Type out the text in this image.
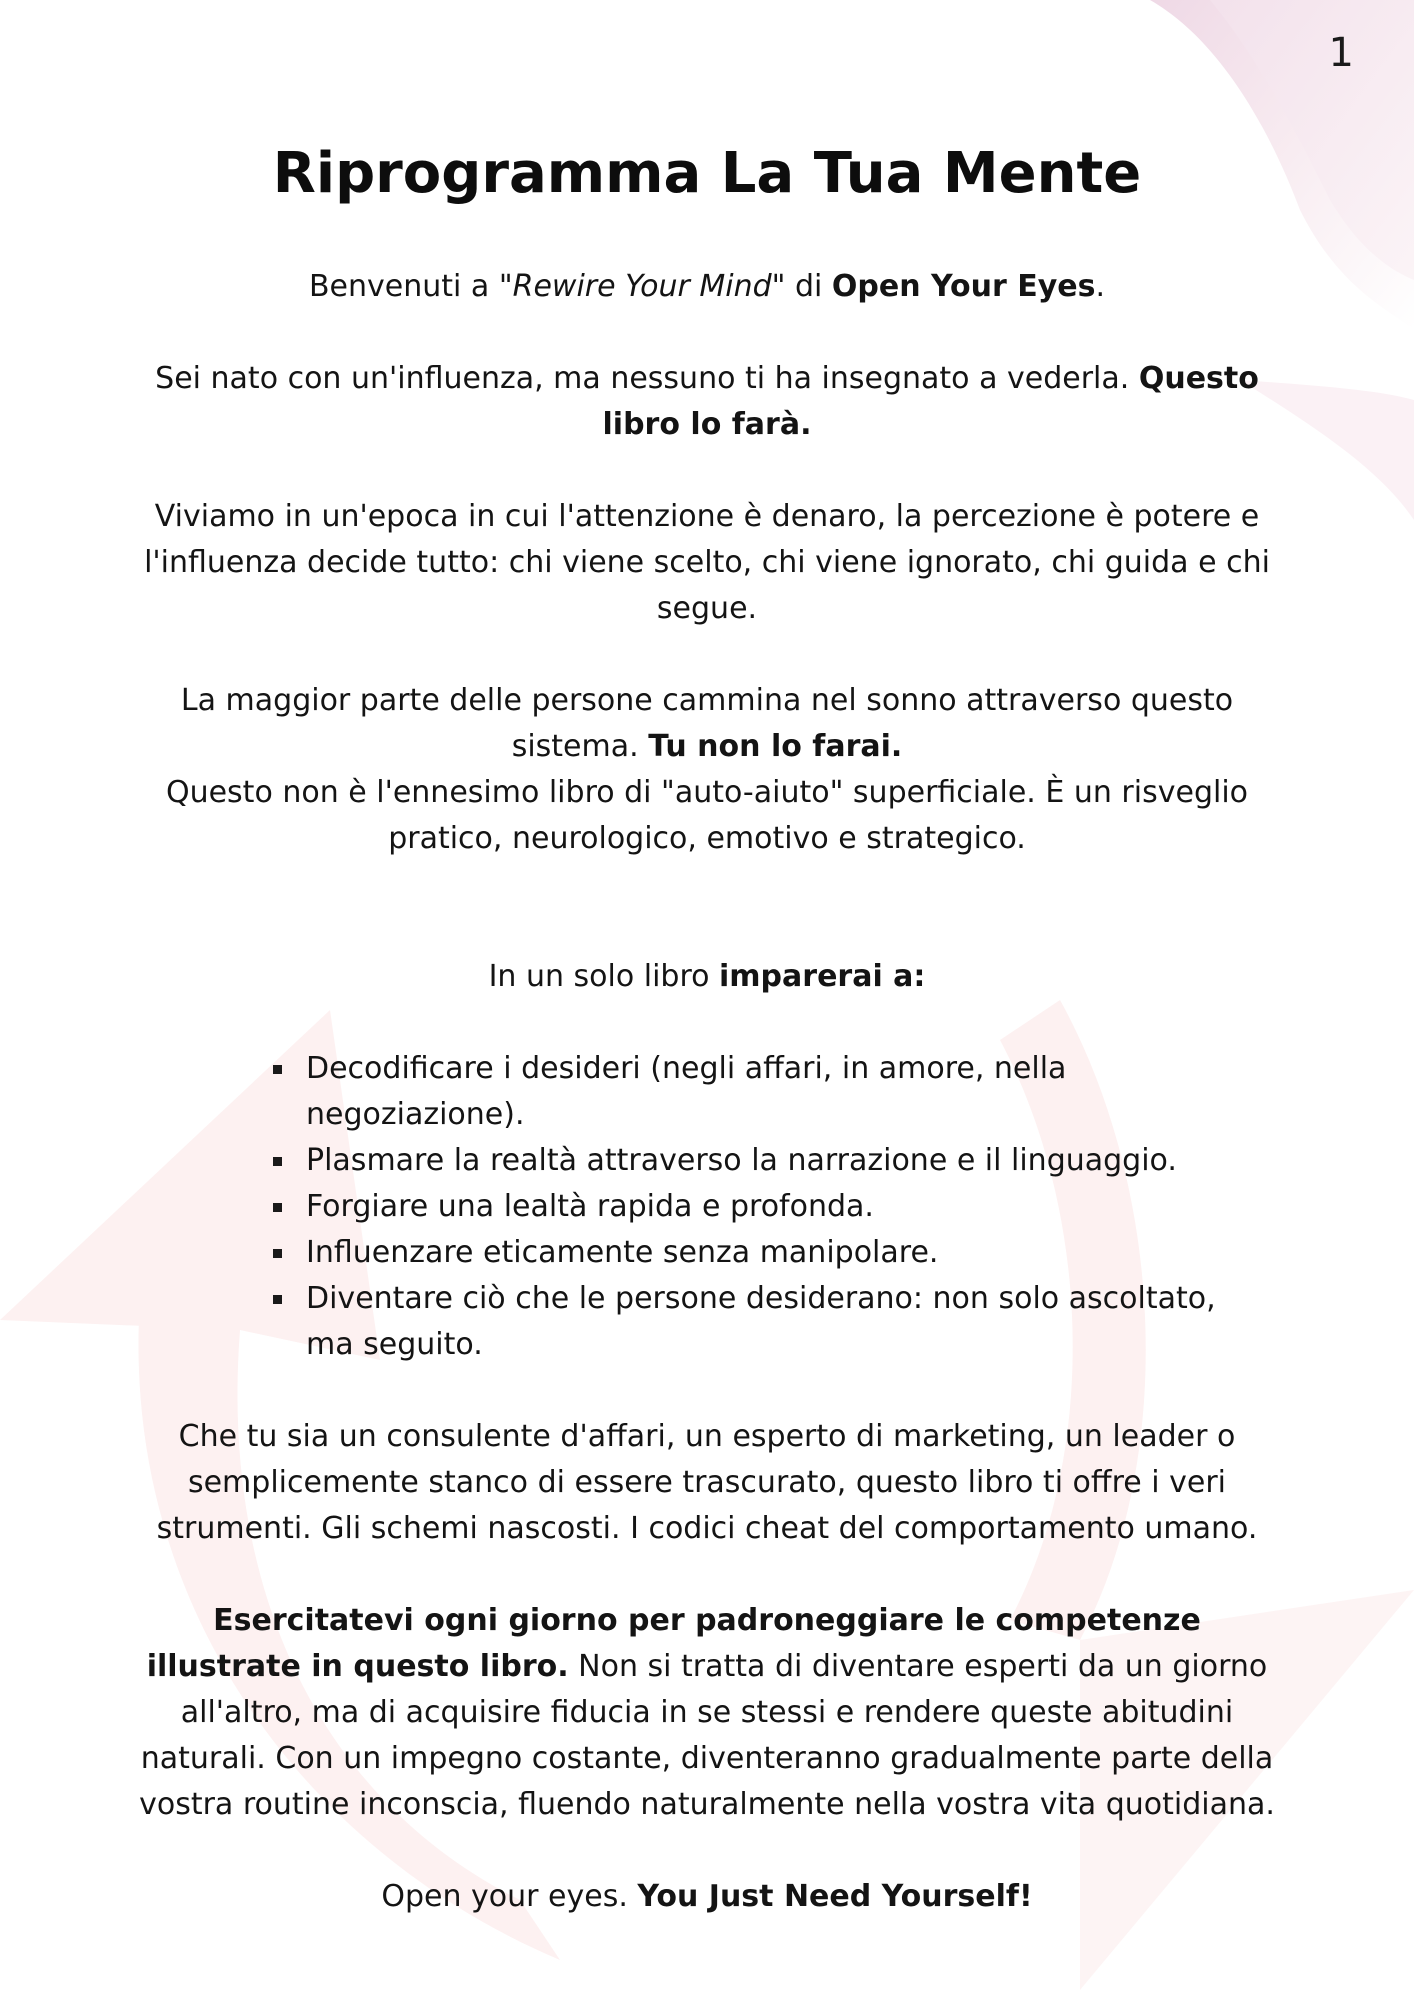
1
Riprogramma La Tua Mente

Benvenuti a "Rewire Your Mind" di Open Your Eyes.

Sei nato con un'influenza, ma nessuno ti ha insegnato a vederla. Questo libro lo farà.

Viviamo in un'epoca in cui l'attenzione è denaro, la percezione è potere e l'influenza decide tutto: chi viene scelto, chi viene ignorato, chi guida e chi segue.

La maggior parte delle persone cammina nel sonno attraverso questo sistema. Tu non lo farai.

Questo non è l'ennesimo libro di "auto-aiuto" superficiale. È un risveglio pratico, neurologico, emotivo e strategico.

In un solo libro imparerai a:

Decodificare i desideri (negli affari, in amore, nella negoziazione).
Plasmare la realtà attraverso la narrazione e il linguaggio.
Forgiare una lealtà rapida e profonda.
Influenzare eticamente senza manipolare.
Diventare ciò che le persone desiderano: non solo ascoltato, ma seguito.

Che tu sia un consulente d'affari, un esperto di marketing, un leader o semplicemente stanco di essere trascurato, questo libro ti offre i veri strumenti. Gli schemi nascosti. I codici cheat del comportamento umano.

Esercitatevi ogni giorno per padroneggiare le competenze illustrate in questo libro. Non si tratta di diventare esperti da un giorno all'altro, ma di acquisire fiducia in se stessi e rendere queste abitudini naturali. Con un impegno costante, diventeranno gradualmente parte della vostra routine inconscia, fluendo naturalmente nella vostra vita quotidiana.

Open your eyes. You Just Need Yourself!
